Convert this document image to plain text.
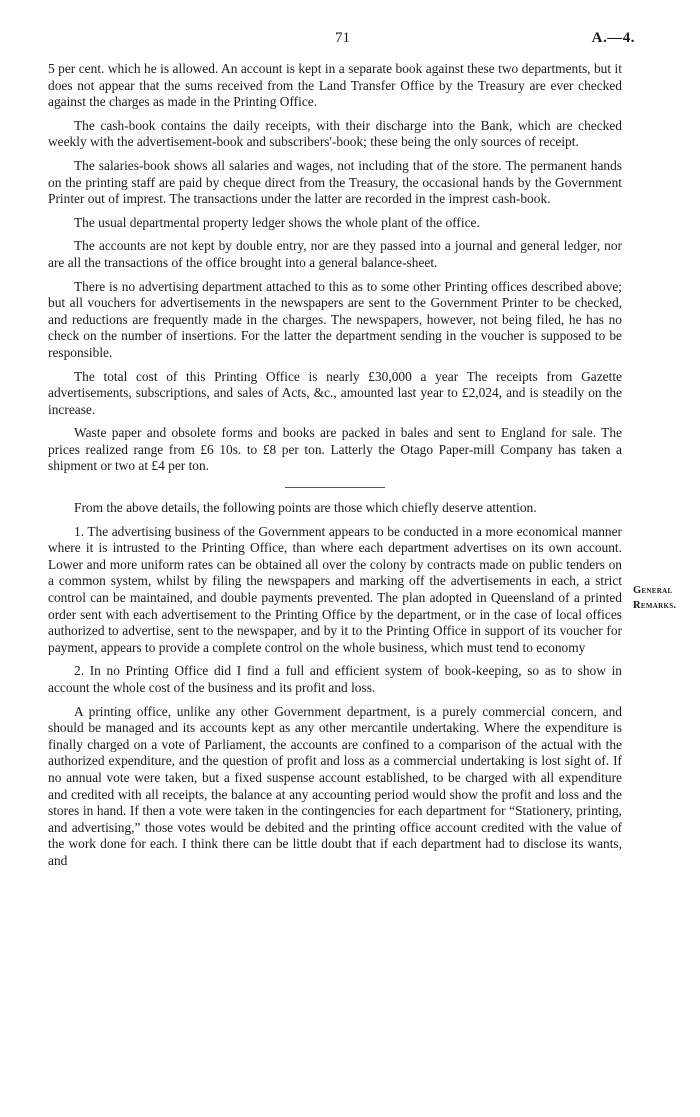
71	A.—4.
General
Remarks.

5 per cent. which he is allowed. An account is kept in a separate book against these two departments, but it does not appear that the sums received from the Land Transfer Office by the Treasury are ever checked against the charges as made in the Printing Office.

The cash-book contains the daily receipts, with their discharge into the Bank, which are checked weekly with the advertisement-book and subscribers'-book; these being the only sources of receipt.

The salaries-book shows all salaries and wages, not including that of the store. The permanent hands on the printing staff are paid by cheque direct from the Treasury, the occasional hands by the Government Printer out of imprest. The transactions under the latter are recorded in the imprest cash-book.

The usual departmental property ledger shows the whole plant of the office.

The accounts are not kept by double entry, nor are they passed into a journal and general ledger, nor are all the transactions of the office brought into a general balance-sheet.

There is no advertising department attached to this as to some other Printing offices described above; but all vouchers for advertisements in the newspapers are sent to the Government Printer to be checked, and reductions are frequently made in the charges. The newspapers, however, not being filed, he has no check on the number of insertions. For the latter the department sending in the voucher is supposed to be responsible.

The total cost of this Printing Office is nearly £30,000 a year The receipts from Gazette advertisements, subscriptions, and sales of Acts, &c., amounted last year to £2,024, and is steadily on the increase.

Waste paper and obsolete forms and books are packed in bales and sent to England for sale. The prices realized range from £6 10s. to £8 per ton. Latterly the Otago Paper-mill Company has taken a shipment or two at £4 per ton.

From the above details, the following points are those which chiefly deserve attention.

1. The advertising business of the Government appears to be conducted in a more economical manner where it is intrusted to the Printing Office, than where each department advertises on its own account. Lower and more uniform rates can be obtained all over the colony by contracts made on public tenders on a common system, whilst by filing the newspapers and marking off the advertisements in each, a strict control can be maintained, and double payments prevented. The plan adopted in Queensland of a printed order sent with each advertisement to the Printing Office by the department, or in the case of local offices authorized to advertise, sent to the newspaper, and by it to the Printing Office in support of its voucher for payment, appears to provide a complete control on the whole business, which must tend to economy

2. In no Printing Office did I find a full and efficient system of book-keeping, so as to show in account the whole cost of the business and its profit and loss.

A printing office, unlike any other Government department, is a purely commercial concern, and should be managed and its accounts kept as any other mercantile undertaking. Where the expenditure is finally charged on a vote of Parliament, the accounts are confined to a comparison of the actual with the authorized expenditure, and the question of profit and loss as a commercial undertaking is lost sight of. If no annual vote were taken, but a fixed suspense account established, to be charged with all expenditure and credited with all receipts, the balance at any accounting period would show the profit and loss and the stores in hand. If then a vote were taken in the contingencies for each department for “Stationery, printing, and advertising,” those votes would be debited and the printing office account credited with the value of the work done for each. I think there can be little doubt that if each department had to disclose its wants, and
